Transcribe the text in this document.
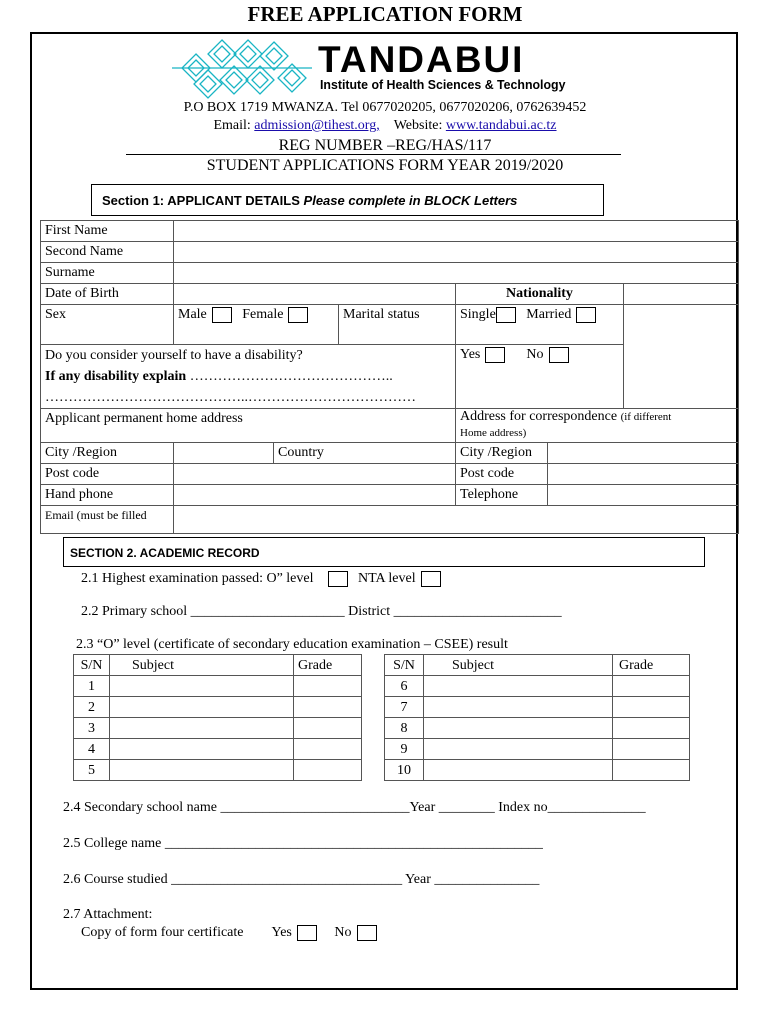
FREE APPLICATION FORM
TANDABUI
Institute of Health Sciences & Technology
P.O BOX 1719 MWANZA. Tel 0677020205, 0677020206, 0762639452
Email: admission@tihest.org, Website: www.tandabui.ac.tz
REG NUMBER –REG/HAS/117
STUDENT APPLICATIONS FORM YEAR 2019/2020
Section 1: APPLICANT DETAILS Please complete in BLOCK Letters
First Name						
Second Name						
Surname						
Date of Birth				Nationality		
Sex	Male Female		Marital status	Single Married		

Do you consider yourself to have a disability?
If any disability explain ……………………………………..
……………………………………..………………………………				Yes No		
Applicant permanent home address				Address for correspondence (if different
Home address)		
City /Region		Country		City /Region		
Post code				Post code		
Hand phone				Telephone		
Email (must be filled						
SECTION 2. ACADEMIC RECORD
2.1 Highest examination passed: O” level	NTA level
2.2 Primary school ______________________ District ________________________
2.3 “O” level (certificate of secondary education examination – CSEE) result
S/N	Subject	Grade
1		
2		
3		
4		
5		
S/N	Subject	Grade
6		
7		
8		
9		
10		
2.4 Secondary school name ___________________________Year ________ Index no______________
2.5 College name ______________________________________________________
2.6 Course studied _________________________________ Year _______________
2.7 Attachment:
Copy of form four certificate Yes	No
